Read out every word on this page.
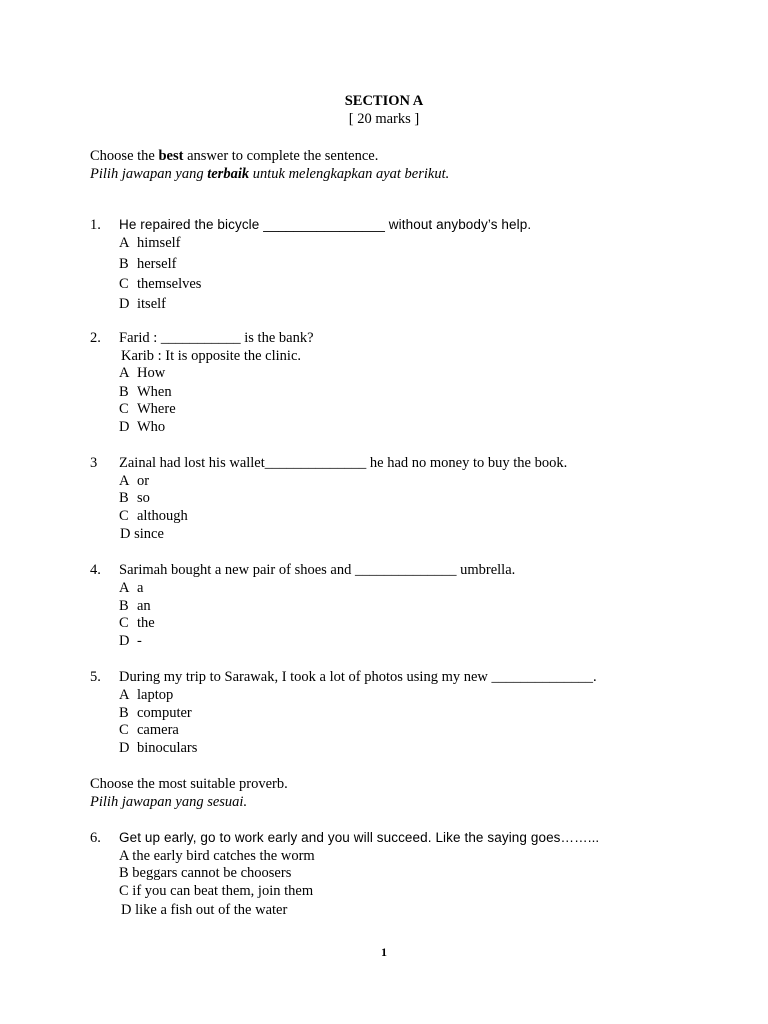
SECTION A
[ 20 marks ]
Choose the best answer to complete the sentence.
Pilih jawapan yang terbaik untuk melengkapkan ayat berikut.
1. He repaired the bicycle ________________ without anybody’s help.
A himself
B herself
C themselves
D itself
2. Farid : ___________ is the bank?
Karib : It is opposite the clinic.
A How
B When
C Where
D Who
3 Zainal had lost his wallet______________ he had no money to buy the book.
A or
B so
C although
D since
4. Sarimah bought a new pair of shoes and ______________ umbrella.
A a
B an
C the
D -
5. During my trip to Sarawak, I took a lot of photos using my new ______________.
A laptop
B computer
C camera
D binoculars
Choose the most suitable proverb.
Pilih jawapan yang sesuai.
6. Get up early, go to work early and you will succeed. Like the saying goes……...
A the early bird catches the worm
B beggars cannot be choosers
C if you can beat them, join them
D like a fish out of the water
1
